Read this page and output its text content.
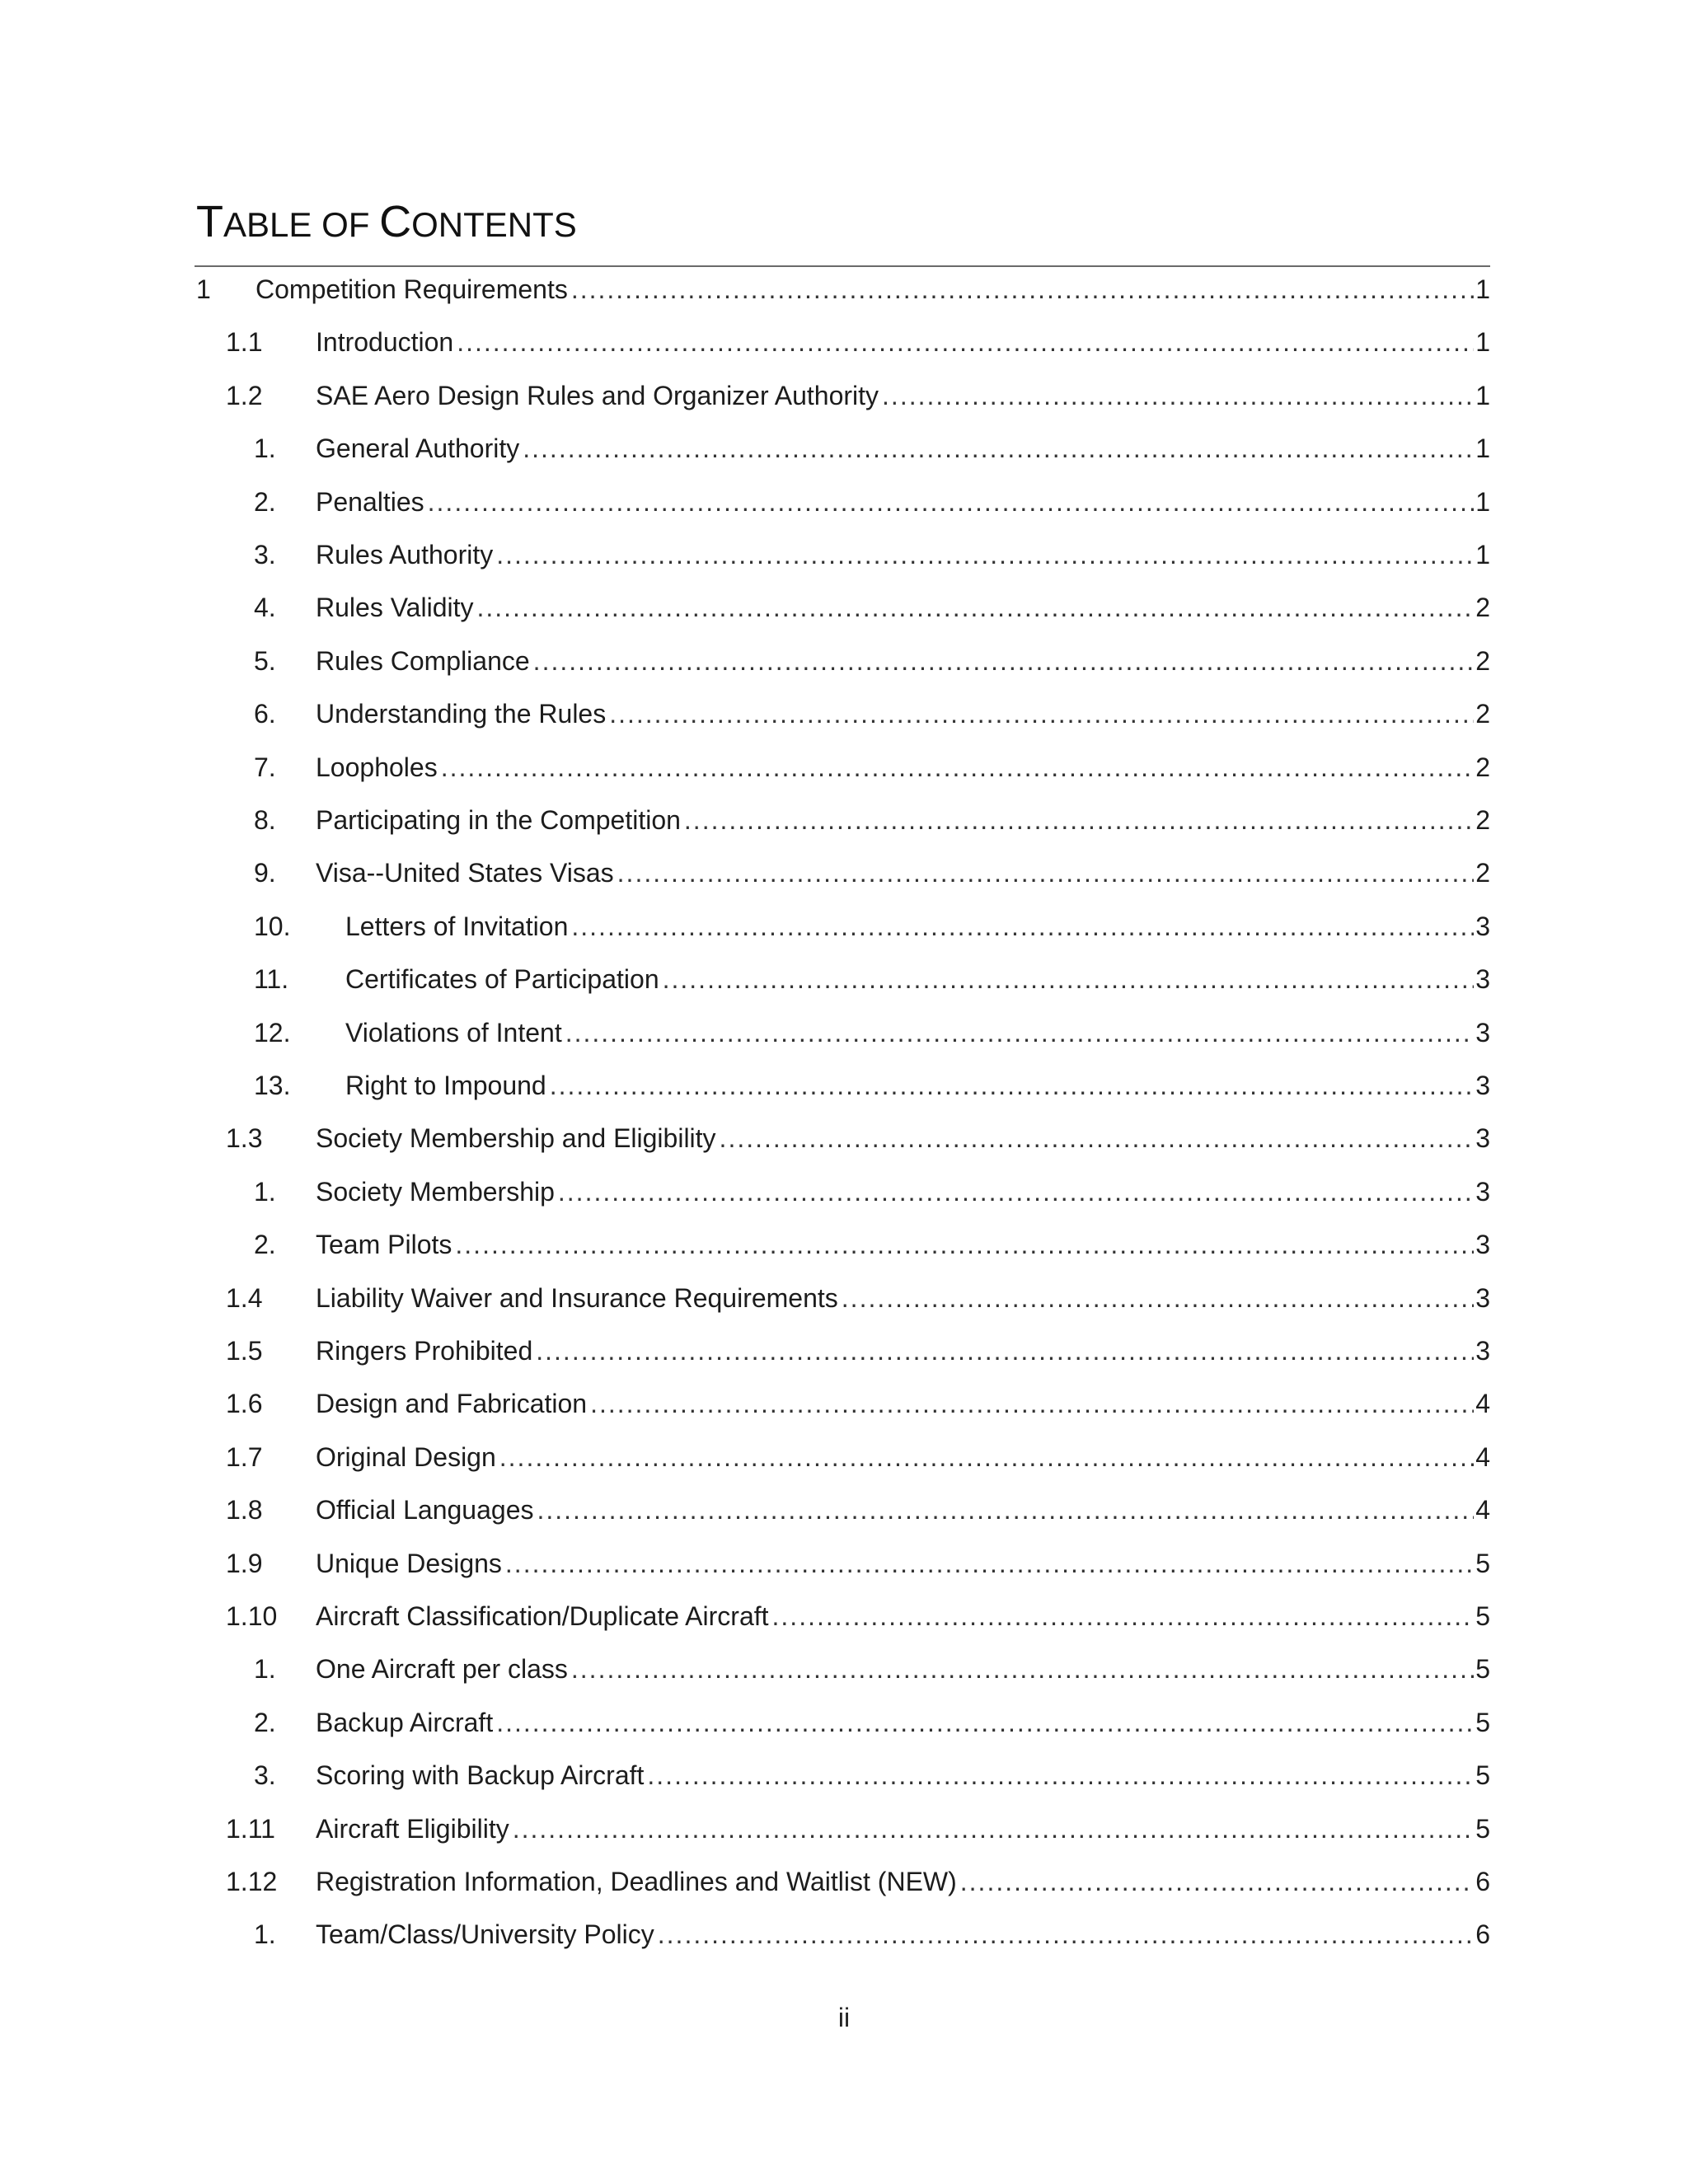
TABLE OF CONTENTS
1 Competition Requirements .....	1
1.1 Introduction .....	1
1.2 SAE Aero Design Rules and Organizer Authority .....	1
1. General Authority .....	1
2. Penalties .....	1
3. Rules Authority .....	1
4. Rules Validity .....	2
5. Rules Compliance .....	2
6. Understanding the Rules .....	2
7. Loopholes .....	2
8. Participating in the Competition .....	2
9. Visa--United States Visas .....	2
10. Letters of Invitation .....	3
11. Certificates of Participation .....	3
12. Violations of Intent .....	3
13. Right to Impound .....	3
1.3 Society Membership and Eligibility .....	3
1. Society Membership .....	3
2. Team Pilots .....	3
1.4 Liability Waiver and Insurance Requirements .....	3
1.5 Ringers Prohibited .....	3
1.6 Design and Fabrication .....	4
1.7 Original Design .....	4
1.8 Official Languages .....	4
1.9 Unique Designs .....	5
1.10 Aircraft Classification/Duplicate Aircraft .....	5
1. One Aircraft per class .....	5
2. Backup Aircraft .....	5
3. Scoring with Backup Aircraft .....	5
1.11 Aircraft Eligibility .....	5
1.12 Registration Information, Deadlines and Waitlist (NEW) .....	6
1. Team/Class/University Policy .....	6
ii
